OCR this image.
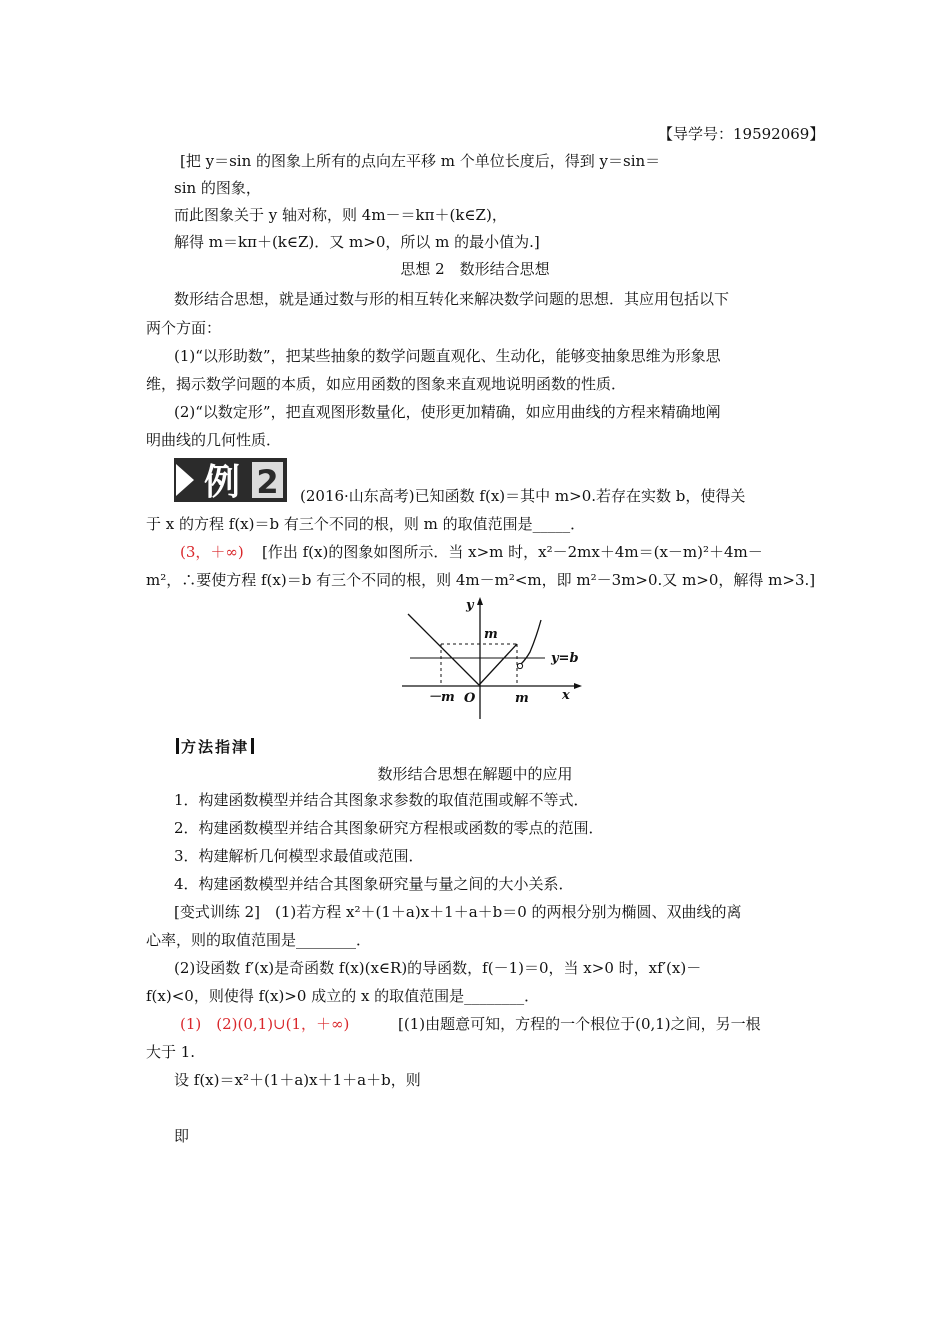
【导学号：19592069】
[把 y＝sin 的图象上所有的点向左平移 m 个单位长度后，得到 y＝sin＝
sin 的图象，
而此图象关于 y 轴对称，则 4m－＝kπ＋(k∈Z)，
解得 m＝kπ＋(k∈Z)．又 m>0，所以 m 的最小值为.]
思想 2　数形结合思想
数形结合思想，就是通过数与形的相互转化来解决数学问题的思想．其应用包括以下
两个方面：
(1)“以形助数”，把某些抽象的数学问题直观化、生动化，能够变抽象思维为形象思
维，揭示数学问题的本质，如应用函数的图象来直观地说明函数的性质．
(2)“以数定形”，把直观图形数量化，使形更加精确，如应用曲线的方程来精确地阐
明曲线的几何性质．
例 2 (2016·山东高考)已知函数 f(x)＝其中 m>0.若存在实数 b，使得关
于 x 的方程 f(x)＝b 有三个不同的根，则 m 的取值范围是_____．
(3，＋∞) [作出 f(x)的图象如图所示．当 x>m 时，x²－2mx＋4m＝(x－m)²＋4m－
m²，∴要使方程 f(x)＝b 有三个不同的根，则 4m－m²<m，即 m²－3m>0.又 m>0，解得 m>3.]
y
x
O
m
－m	m
y=b
方法指津
数形结合思想在解题中的应用
1．构建函数模型并结合其图象求参数的取值范围或解不等式．
2．构建函数模型并结合其图象研究方程根或函数的零点的范围．
3．构建解析几何模型求最值或范围．
4．构建函数模型并结合其图象研究量与量之间的大小关系．
[变式训练 2]　(1)若方程 x²＋(1＋a)x＋1＋a＋b＝0 的两根分别为椭圆、双曲线的离
心率，则的取值范围是________．
(2)设函数 f′(x)是奇函数 f(x)(x∈R)的导函数，f(－1)＝0，当 x>0 时，xf′(x)－
f(x)<0，则使得 f(x)>0 成立的 x 的取值范围是________．
(1)　(2)(0,1)∪(1，＋∞)	[(1)由题意可知，方程的一个根位于(0,1)之间，另一根
大于 1.
设 f(x)＝x²＋(1＋a)x＋1＋a＋b，则
即
